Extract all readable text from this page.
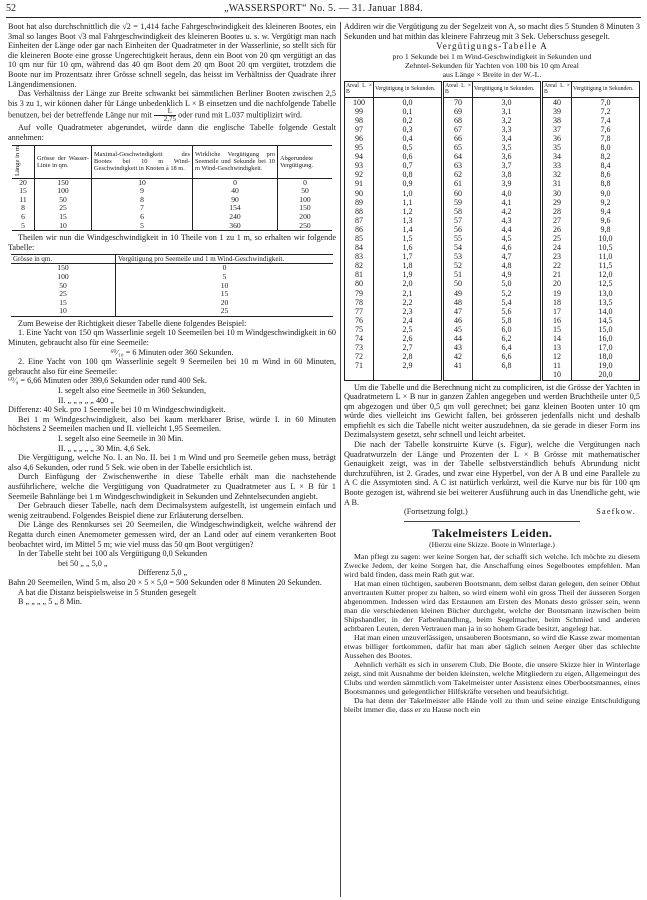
52	„WASSERSPORT“ No. 5. — 31. Januar 1884.

Boot hat also durchschnittlich die √2 = 1,414 fache Fahrgeschwindigkeit des kleineren Bootes, ein 3mal so langes Boot √3 mal Fahrgeschwindigkeit des kleineren Bootes u. s. w. Vergütigt man nach Einheiten der Länge oder gar nach Einheiten der Quadratmeter in der Wasserlinie, so stellt sich für die kleineren Boote eine grosse Ungerechtigkeit heraus, denn ein Boot von 20 qm vergütigt an das 10 qm nur für 10 qm, während das 40 qm Boot dem 20 qm Boot 20 qm vergütet, trotzdem die Boote nur im Prozentsatz ihrer Grösse schnell segeln, das heisst im Verhältniss der Quadrate ihrer Längendimensionen.

Das Verhältniss der Länge zur Breite schwankt bei sämmtlichen Berliner Booten zwischen 2,5 bis 3 zu 1, wir können daher für Länge unbedenklich L × B einsetzen und die nachfolgende Tabelle benutzen, bei der betreffende Länge nur mit $\frac{L}{2,75}$ oder rund mit L.037 multiplizirt wird.

Auf volle Quadratmeter abgerundet, würde dann die englische Tabelle folgende Gestalt annehmen:

Länge in m	Grösse der Wasser-Linie in qm.	Maximal-Geschwindigkeit des Bootes bei 10 m Wind-Geschwindigkeit in Knoten à 18 m.	Wirkliche Vergütigung pro Seemeile und Sekunde bei 10 m Wind-Geschwindigkeit.	Abgerundete Vergütigung.
20	150	10	0	0
15	100	9	40	50
11	50	8	90	100
8	25	7	154	150
6	15	6	240	200
5	10	5	360	250

Theilen wir nun die Windgeschwindigkeit in 10 Theile von 1 zu 1 m, so erhalten wir folgende Tabelle:

Grösse in qm.	Vergütigung pro Seemeile und 1 m Wind-Geschwindigkeit.
150	0
100	5
50	10
25	15
15	20
10	25

Zum Beweise der Richtigkeit dieser Tabelle diene folgendes Beispiel:

1. Eine Yacht von 150 qm Wasserlinie segelt 10 Seemeilen bei 10 m Windgeschwindigkeit in 60 Minuten, gebraucht also für eine Seemeile:

⁶⁰⁄₁₀ = 6 Minuten oder 360 Sekunden.

2. Eine Yacht von 100 qm Wasserlinie segelt 9 Seemeilen bei 10 m Wind in 60 Minuten, gebraucht also für eine Seemeile:

⁶⁰⁄₉ = 6,66 Minuten oder 399,6 Sekunden oder rund 400 Sek.

I. segelt also eine Seemeile in 360 Sekunden,

II. „ „ „ „ „ 400 „

Differenz: 40 Sek. pro 1 Seemeile bei 10 m Windgeschwindigkeit.

Bei 1 m Windgeschwindigkeit, also bei kaum merkbarer Brise, würde I. in 60 Minuten höchstens 2 Seemeilen machen und II. vielleicht 1,95 Seemeilen.

I. segelt also eine Seemeile in 30 Min.

II. „ „ „ „ „ 30 Min. 4,6 Sek.

Die Vergütigung, welche No. I. an No. II. bei 1 m Wind und pro Seemeile geben muss, beträgt also 4,6 Sekunden, oder rund 5 Sek. wie oben in der Tabelle ersichtlich ist.

Durch Einfügung der Zwischenwerthe in diese Tabelle erhält man die nachstehende ausführlichere, welche die Vergütigung von Quadratmeter zu Quadratmeter aus L × B für 1 Seemeile Bahnlänge bei 1 m Windgeschwindigkeit in Sekunden und Zehntelsecunden angiebt.

Der Gebrauch dieser Tabelle, nach dem Decimalsystem aufgestellt, ist ungemein einfach und wenig zeitraubend. Folgendes Beispiel diene zur Erläuterung derselben.

Die Länge des Rennkurses sei 20 Seemeilen, die Windgeschwindigkeit, welche während der Regatta durch einen Anemometer gemessen wird, der an Land oder auf einem verankerten Boot beobachtet wird, im Mittel 5 m; wie viel muss das 50 qm Boot vergütigen?

In der Tabelle steht bei 100 als Vergütigung 0,0 Sekunden

bei 50 „ „ 5,0 „

Differenz 5,0 „

Bahn 20 Seemeilen, Wind 5 m, also 20 × 5 × 5,0 = 500 Sekunden oder 8 Minuten 20 Sekunden.

A hat die Distanz beispielsweise in 5 Stunden gesegelt

B „ „ „ „ 5 „ 8 Min.

Addiren wir die Vergütigung zu der Segelzeit von A, so macht dies 5 Stunden 8 Minuten 3 Sekunden und hat mithin das kleinere Fahrzeug mit 3 Sek. Ueberschuss gesegelt.

Vergütigungs-Tabelle A

pro 1 Sekunde bei 1 m Wind-Geschwindigkeit in Sekunden und

Zehntel-Sekunden für Yachten von 100 bis 10 qm Areal

aus Länge × Breite in der W.-L.

Areal L × B	Vergütigung in Sekunden.	Areal L × B	Vergütigung in Sekunden.	Areal L × B	Vergütigung in Sekunden.
100	0,0	70	3,0	40	7,0
99	0,1	69	3,1	39	7,2
98	0,2	68	3,2	38	7,4
97	0,3	67	3,3	37	7,6
96	0,4	66	3,4	36	7,8
95	0,5	65	3,5	35	8,0
94	0,6	64	3,6	34	8,2
93	0,7	63	3,7	33	8,4
92	0,8	62	3,8	32	8,6
91	0,9	61	3,9	31	8,8
90	1,0	60	4,0	30	9,0
89	1,1	59	4,1	29	9,2
88	1,2	58	4,2	28	9,4
87	1,3	57	4,3	27	9,6
86	1,4	56	4,4	26	9,8
85	1,5	55	4,5	25	10,0
84	1,6	54	4,6	24	10,5
83	1,7	53	4,7	23	11,0
82	1,8	52	4,8	22	11,5
81	1,9	51	4,9	21	12,0
80	2,0	50	5,0	20	12,5
79	2,1	49	5,2	19	13,0
78	2,2	48	5,4	18	13,5
77	2,3	47	5,6	17	14,0
76	2,4	46	5,8	16	14,5
75	2,5	45	6,0	15	15,0
74	2,6	44	6,2	14	16,0
73	2,7	43	6,4	13	17,0
72	2,8	42	6,6	12	18,0
71	2,9	41	6,8	11	19,0
				10	20,0

Um die Tabelle und die Berechnung nicht zu compliciren, ist die Grösse der Yachten in Quadratmetern L × B nur in ganzen Zahlen angegeben und werden Bruchtheile unter 0,5 qm abgezogen und über 0,5 qm voll gerechnet; bei ganz kleinen Booten unter 10 qm würde dies vielleicht ins Gewicht fallen, bei grösseren jedenfalls nicht und deshalb empfiehlt es sich die Tabelle nicht weiter auszudehnen, da sie gerade in dieser Form ins Dezimalsystem gesetzt, sehr schnell und leicht arbeitet.

Die nach der Tabelle konstruirte Kurve (s. Figur), welche die Vergütungen nach Quadratwurzeln der Länge und Prozenten der L × B Grösse mit mathematischer Genauigkeit zeigt, was in der Tabelle selbstverständlich behufs Abrundung nicht durchzuführen, ist 2. Grades, und zwar eine Hyperbel, von der A B und eine Parallele zu A C die Assymtoten sind. A C ist natürlich verkürzt, weil die Kurve nur bis für 100 qm Boote gezogen ist, während sie bei weiterer Ausführung auch in das Unendliche geht, wie A B.

(Fortsetzung folgt.)	Saefkow.
Takelmeisters Leiden.
(Hierzu eine Skizze. Boote in Winterlage.)

Man pflegt zu sagen: wer keine Sorgen hat, der schafft sich welche. Ich möchte zu diesem Zwecke Jedem, der keine Sorgen hat, die Anschaffung eines Segelbootes empfehlen. Man wird bald finden, dass mein Rath gut war.

Hat man einen tüchtigen, sauberen Bootsmann, dem selbst daran gelegen, den seiner Obhut anvertrauten Kutter proper zu halten, so wird einem wohl ein gross Theil der äusseren Sorgen abgenommen. Indessen wird das Erstaunen am Ersten des Monats desto grösser sein, wenn man die verschiedenen kleinen Bücher durchgeht, welche der Bootsmann inzwischen beim Shipshandler, in der Farbenhandlung, beim Segelmacher, beim Schmied und anderen achtbaren Leuten, deren Vertrauen man ja in so hohem Grade besitzt, angelegt hat.

Hat man einen unzuverlässigen, unsauberen Bootsmann, so wird die Kasse zwar momentan etwas billiger fortkommen, dafür hat man aber täglich seinen Aerger über das schlechte Aussehen des Bootes.

Aehnlich verhält es sich in unserem Club. Die Boote, die unsere Skizze hier in Winterlage zeigt, sind mit Ausnahme der beiden kleinsten, welche Mitgliedern zu eigen, Allgemeingut des Clubs und werden sämmtlich vom Takelmeister unter Assistenz eines Oberbootsmannes, eines Bootsmannes und gelegentlicher Hilfskräfte versehen und beaufsichtigt.

Da hat denn der Takelmeister alle Hände voll zu thun und seine einzige Entschuldigung bleibt immer die, dass er zu Hause noch ein
